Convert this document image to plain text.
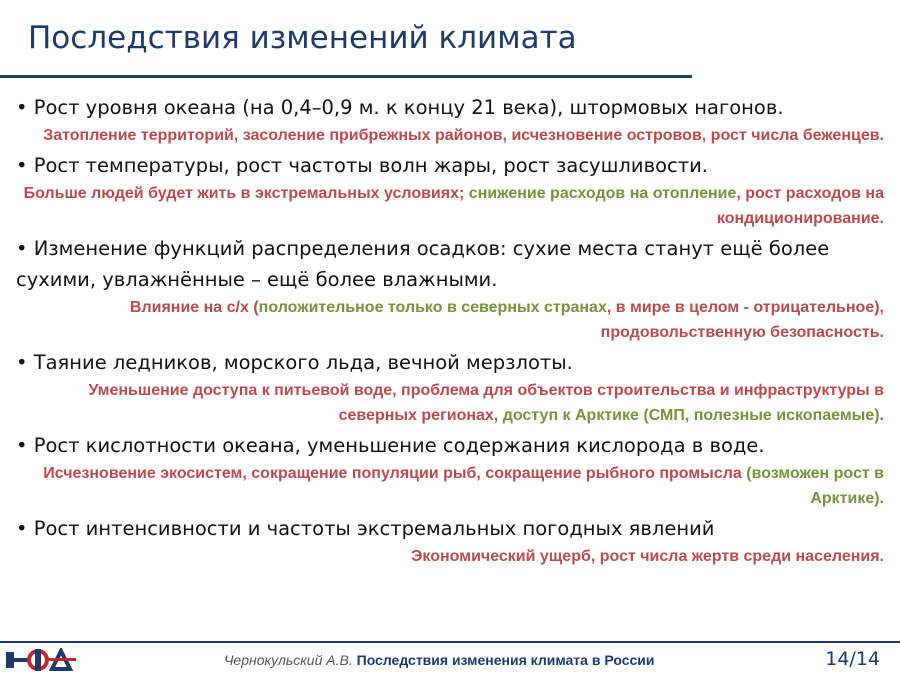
Последствия изменений климата
• Рост уровня океана (на 0,4–0,9 м. к концу 21 века), штормовых нагонов.
Затопление территорий, засоление прибрежных районов, исчезновение островов, рост числа беженцев.
• Рост температуры, рост частоты волн жары, рост засушливости.
Больше людей будет жить в экстремальных условиях; снижение расходов на отопление, рост расходов на кондиционирование.
• Изменение функций распределения осадков: сухие места станут ещё более сухими, увлажнённые – ещё более влажными.
Влияние на с/х (положительное только в северных странах, в мире в целом - отрицательное), продовольственную безопасность.
• Таяние ледников, морского льда, вечной мерзлоты.
Уменьшение доступа к питьевой воде, проблема для объектов строительства и инфраструктуры в северных регионах, доступ к Арктике (СМП, полезные ископаемые).
• Рост кислотности океана, уменьшение содержания кислорода в воде.
Исчезновение экосистем, сокращение популяции рыб, сокращение рыбного промысла (возможен рост в Арктике).
• Рост интенсивности и частоты экстремальных погодных явлений
Экономический ущерб, рост числа жертв среди населения.
Чернокульский А.В. Последствия изменения климата в России	14/14
